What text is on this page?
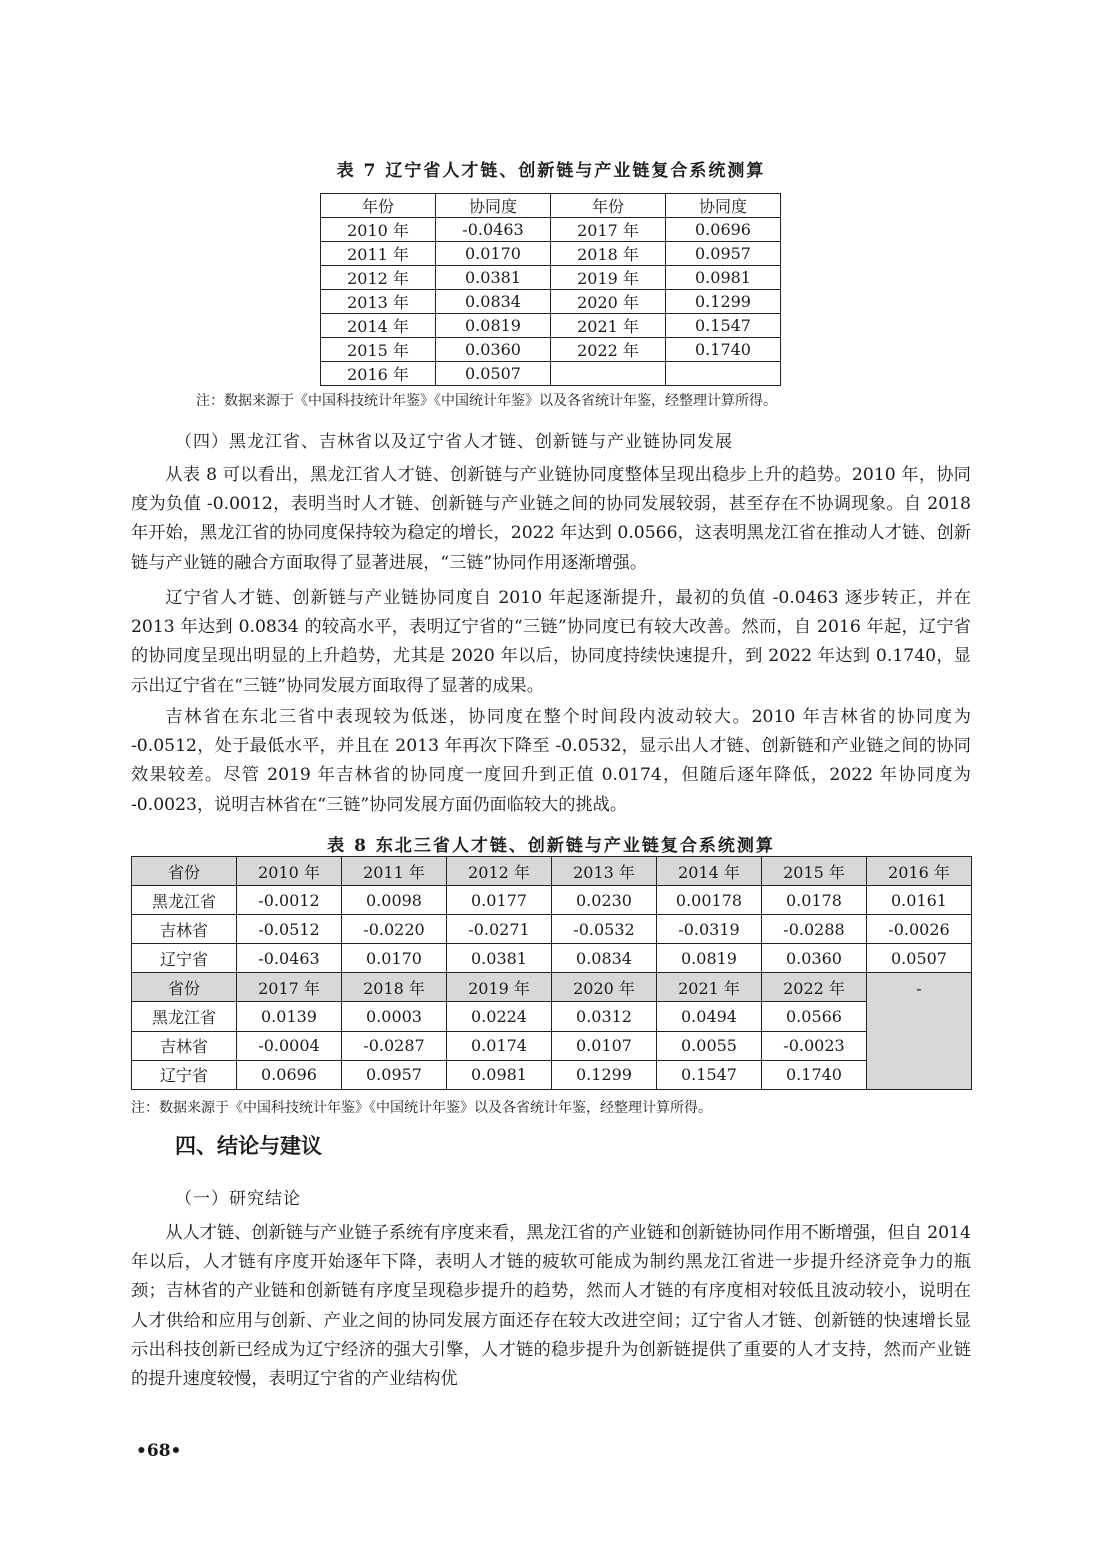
表 7 辽宁省人才链、创新链与产业链复合系统测算
年份	协同度	年份	协同度
2010 年	-0.0463	2017 年	0.0696
2011 年	0.0170	2018 年	0.0957
2012 年	0.0381	2019 年	0.0981
2013 年	0.0834	2020 年	0.1299
2014 年	0.0819	2021 年	0.1547
2015 年	0.0360	2022 年	0.1740
2016 年	0.0507		
注：数据来源于《中国科技统计年鉴》《中国统计年鉴》以及各省统计年鉴，经整理计算所得。
（四）黑龙江省、吉林省以及辽宁省人才链、创新链与产业链协同发展

从表 8 可以看出，黑龙江省人才链、创新链与产业链协同度整体呈现出稳步上升的趋势。2010 年，协同度为负值 -0.0012，表明当时人才链、创新链与产业链之间的协同发展较弱，甚至存在不协调现象。自 2018 年开始，黑龙江省的协同度保持较为稳定的增长，2022 年达到 0.0566，这表明黑龙江省在推动人才链、创新链与产业链的融合方面取得了显著进展，“三链”协同作用逐渐增强。

辽宁省人才链、创新链与产业链协同度自 2010 年起逐渐提升，最初的负值 -0.0463 逐步转正，并在 2013 年达到 0.0834 的较高水平，表明辽宁省的“三链”协同度已有较大改善。然而，自 2016 年起，辽宁省的协同度呈现出明显的上升趋势，尤其是 2020 年以后，协同度持续快速提升，到 2022 年达到 0.1740，显示出辽宁省在“三链”协同发展方面取得了显著的成果。

吉林省在东北三省中表现较为低迷，协同度在整个时间段内波动较大。2010 年吉林省的协同度为 -0.0512，处于最低水平，并且在 2013 年再次下降至 -0.0532，显示出人才链、创新链和产业链之间的协同效果较差。尽管 2019 年吉林省的协同度一度回升到正值 0.0174，但随后逐年降低，2022 年协同度为 -0.0023，说明吉林省在“三链”协同发展方面仍面临较大的挑战。

表 8 东北三省人才链、创新链与产业链复合系统测算
省份	2010 年	2011 年	2012 年	2013 年	2014 年	2015 年	2016 年
黑龙江省	-0.0012	0.0098	0.0177	0.0230	0.00178	0.0178	0.0161
吉林省	-0.0512	-0.0220	-0.0271	-0.0532	-0.0319	-0.0288	-0.0026
辽宁省	-0.0463	0.0170	0.0381	0.0834	0.0819	0.0360	0.0507
省份	2017 年	2018 年	2019 年	2020 年	2021 年	2022 年	-
黑龙江省	0.0139	0.0003	0.0224	0.0312	0.0494	0.0566	
吉林省	-0.0004	-0.0287	0.0174	0.0107	0.0055	-0.0023	
辽宁省	0.0696	0.0957	0.0981	0.1299	0.1547	0.1740	
注：数据来源于《中国科技统计年鉴》《中国统计年鉴》以及各省统计年鉴，经整理计算所得。
四、结论与建议
（一）研究结论

从人才链、创新链与产业链子系统有序度来看，黑龙江省的产业链和创新链协同作用不断增强，但自 2014 年以后，人才链有序度开始逐年下降，表明人才链的疲软可能成为制约黑龙江省进一步提升经济竞争力的瓶颈；吉林省的产业链和创新链有序度呈现稳步提升的趋势，然而人才链的有序度相对较低且波动较小，说明在人才供给和应用与创新、产业之间的协同发展方面还存在较大改进空间；辽宁省人才链、创新链的快速增长显示出科技创新已经成为辽宁经济的强大引擎，人才链的稳步提升为创新链提供了重要的人才支持，然而产业链的提升速度较慢，表明辽宁省的产业结构优

•68•
